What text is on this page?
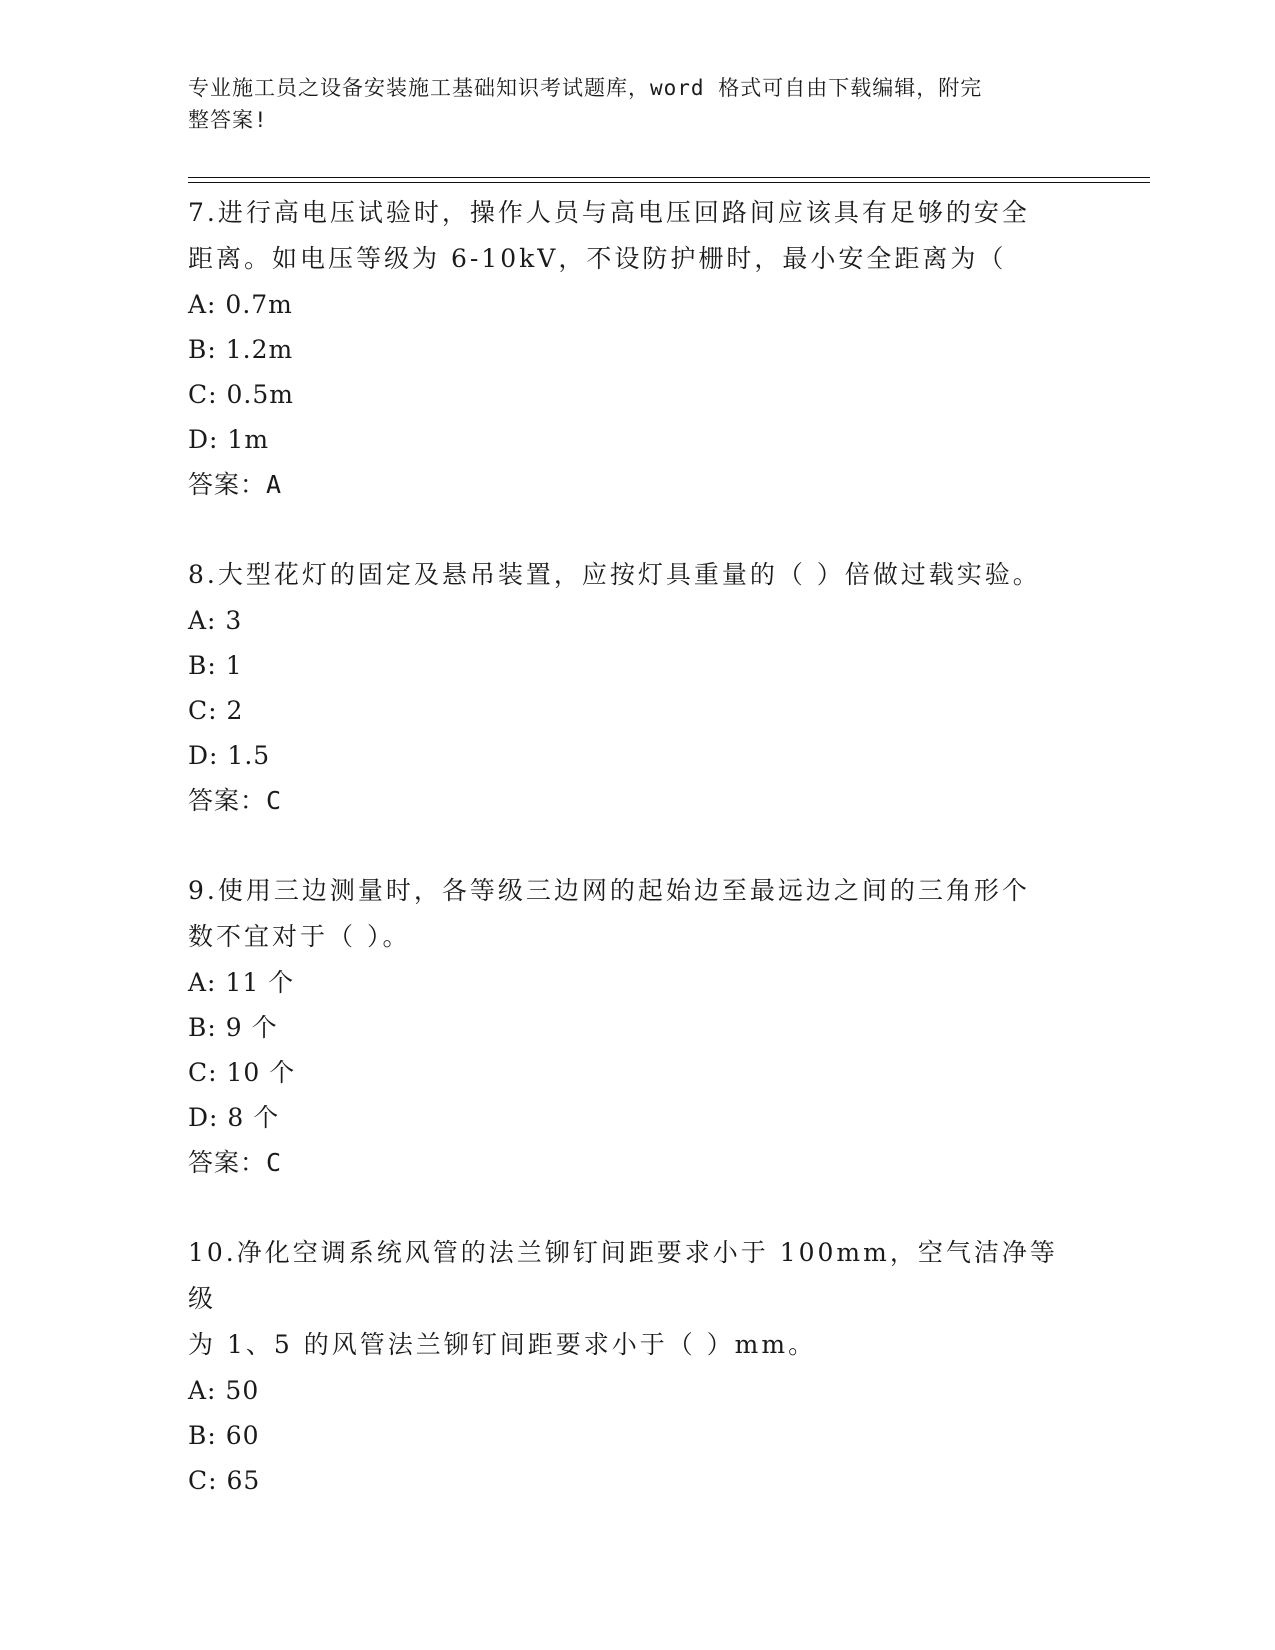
专业施工员之设备安装施工基础知识考试题库，word 格式可自由下载编辑，附完
整答案!

7.进行高电压试验时，操作人员与高电压回路间应该具有足够的安全

距离。如电压等级为 6-10kV，不设防护栅时，最小安全距离为（

A: 0.7m

B: 1.2m

C: 0.5m

D: 1m

答案：A

8.大型花灯的固定及悬吊装置，应按灯具重量的（ ）倍做过载实验。

A: 3

B: 1

C: 2

D: 1.5

答案：C

9.使用三边测量时，各等级三边网的起始边至最远边之间的三角形个

数不宜对于（ ）。

A: 11 个

B: 9 个

C: 10 个

D: 8 个

答案：C

10.净化空调系统风管的法兰铆钉间距要求小于 100mm，空气洁净等级

为 1、5 的风管法兰铆钉间距要求小于（ ）mm。

A: 50

B: 60

C: 65
